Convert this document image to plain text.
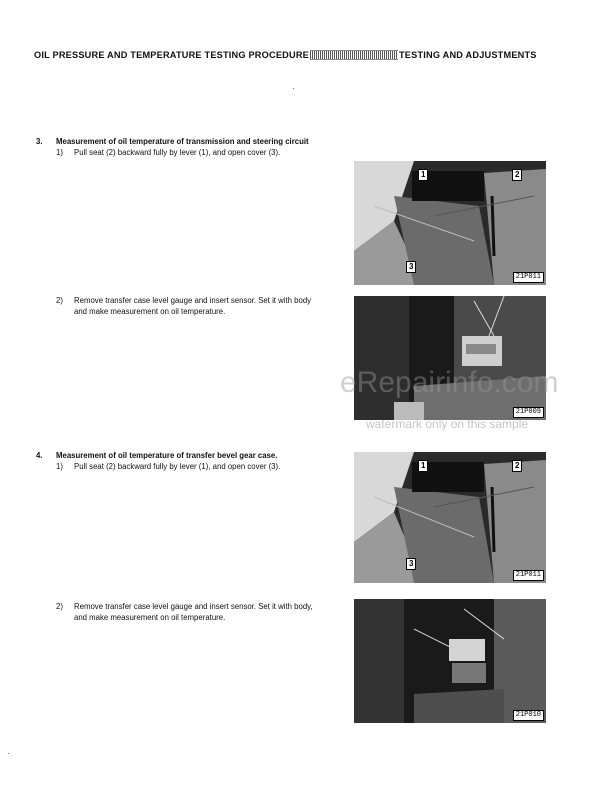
OIL PRESSURE AND TEMPERATURE TESTING PROCEDURE	TESTING AND ADJUSTMENTS
3.	Measurement of oil temperature of transmission and steering circuit
1)	Pull seat (2) backward fully by lever (1), and open cover (3).
2)	Remove transfer case level gauge and insert sensor. Set it with body and make measurement on oil temperature.
4.	Measurement of oil temperature of transfer bevel gear case.
1)	Pull seat (2) backward fully by lever (1), and open cover (3).
2)	Remove transfer case level gauge and insert sensor. Set it with body, and make measurement on oil temperature.
1	2
3
21P011
21P009
1	2
3
21P011
21P010
eRepairinfo.com
watermark only on this sample
